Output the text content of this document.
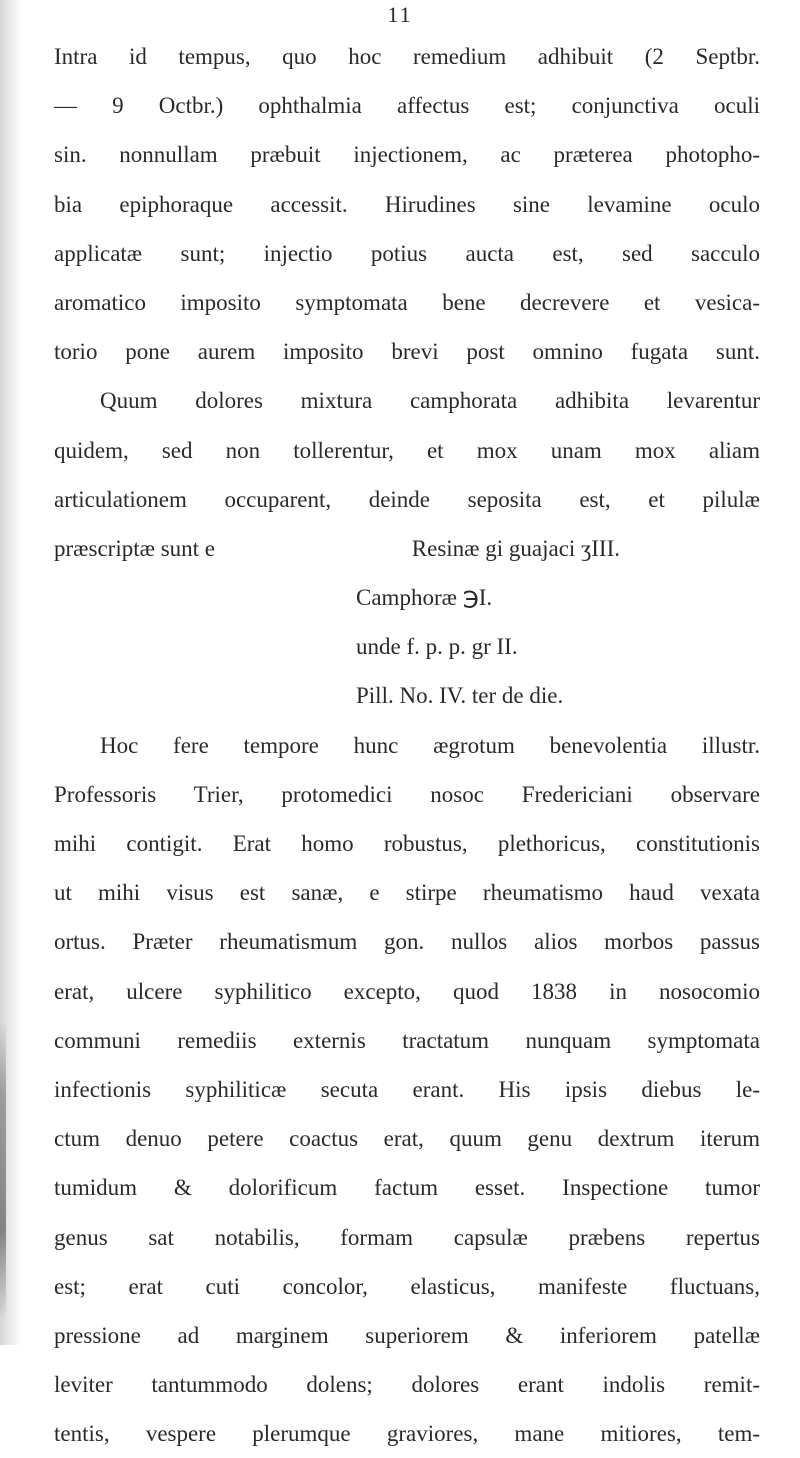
11
Intra id tempus, quo hoc remedium adhibuit (2 Septbr.
— 9 Octbr.) ophthalmia affectus est; conjunctiva oculi
sin. nonnullam præbuit injectionem, ac præterea photopho-
bia epiphoraque accessit. Hirudines sine levamine oculo
applicatæ sunt; injectio potius aucta est, sed sacculo
aromatico imposito symptomata bene decrevere et vesica-
torio pone aurem imposito brevi post omnino fugata sunt.
Quum dolores mixtura camphorata adhibita levarentur
quidem, sed non tollerentur, et mox unam mox aliam
articulationem occuparent, deinde seposita est, et pilulæ
præscriptæ sunt e	Resinæ gi guajaci ʒIII.
Camphoræ ℈I.
unde f. p. p. gr II.
Pill. No. IV. ter de die.
Hoc fere tempore hunc ægrotum benevolentia illustr.
Professoris Trier, protomedici nosoc Fredericiani observare
mihi contigit. Erat homo robustus, plethoricus, constitutionis
ut mihi visus est sanæ, e stirpe rheumatismo haud vexata
ortus. Præter rheumatismum gon. nullos alios morbos passus
erat, ulcere syphilitico excepto, quod 1838 in nosocomio
communi remediis externis tractatum nunquam symptomata
infectionis syphiliticæ secuta erant. His ipsis diebus le-
ctum denuo petere coactus erat, quum genu dextrum iterum
tumidum & dolorificum factum esset. Inspectione tumor
genus sat notabilis, formam capsulæ præbens repertus
est; erat cuti concolor, elasticus, manifeste fluctuans,
pressione ad marginem superiorem & inferiorem patellæ
leviter tantummodo dolens; dolores erant indolis remit-
tentis, vespere plerumque graviores, mane mitiores, tem-
